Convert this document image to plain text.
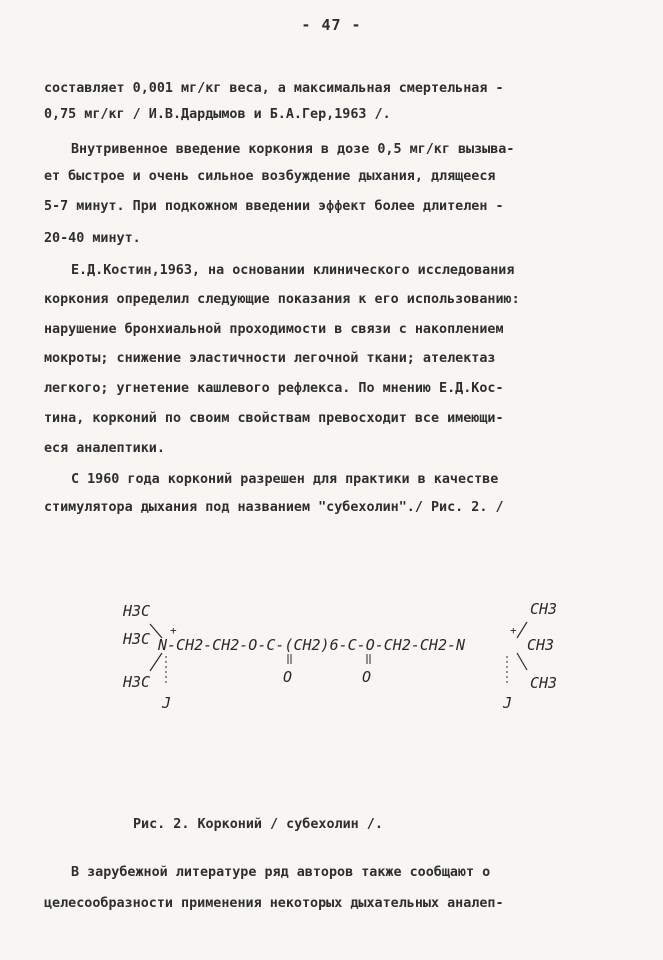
- 47 -
составляет 0,001 мг/кг веса, а максимальная смертельная -
0,75 мг/кг / И.В.Дардымов и Б.А.Гер,1963 /.
Внутривенное введение коркония в дозе 0,5 мг/кг вызыва-
ет быстрое и очень сильное возбуждение дыхания, длящееся
5-7 минут. При подкожном введении эффект более длителен -
20-40 минут.
Е.Д.Костин,1963, на основании клинического исследования
коркония определил следующие показания к его использованию:
нарушение бронхиальной проходимости в связи с накоплением
мокроты; снижение эластичности легочной ткани; ателектаз
легкого; угнетение кашлевого рефлекса. По мнению Е.Д.Кос-
тина, корконий по своим свойствам превосходит все имеющи-
еся аналептики.
С 1960 года корконий разрешен для практики в качестве
стимулятора дыхания под названием "субехолин"./ Рис. 2. /
H3C
H3C
H3C
N-CH2-CH2-O-C-(CH2)6-C-O-CH2-CH2-N
+	+
O	O
J	J
CH3
CH3
CH3
Рис. 2. Корконий / субехолин /.
В зарубежной литературе ряд авторов также сообщают о
целесообразности применения некоторых дыхательных аналеп-
